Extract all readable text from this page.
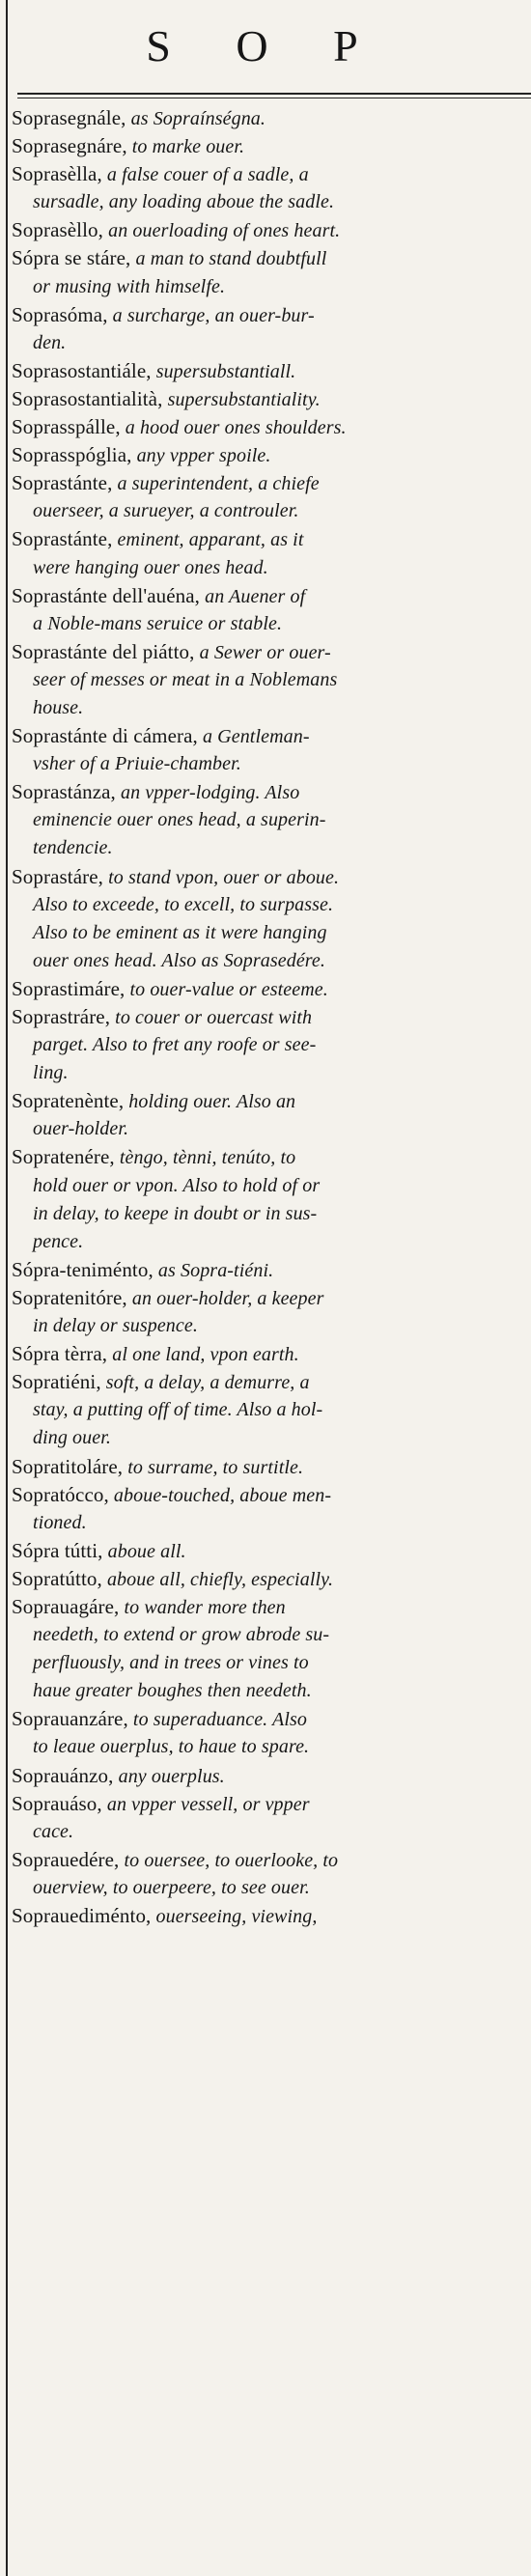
S O P
Soprasegnále, as Sopraínségna.
Soprasegnáre, to marke ouer.
Soprasèlla, a false couer of a sadle, a
sursadle, any loading aboue the sadle.
Soprasèllo, an ouerloading of ones heart.
Sópra se stáre, a man to stand doubtfull
or musing with himselfe.
Soprasóma, a surcharge, an ouer-bur-
den.
Soprasostantiále, supersubstantiall.
Soprasostantialità, supersubstantiality.
Soprasspálle, a hood ouer ones shoulders.
Soprasspóglia, any vpper spoile.
Soprastánte, a superintendent, a chiefe
ouerseer, a surueyer, a controuler.
Soprastánte, eminent, apparant, as it
were hanging ouer ones head.
Soprastánte dell'auéna, an Auener of
a Noble-mans seruice or stable.
Soprastánte del piátto, a Sewer or ouer-
seer of messes or meat in a Noblemans
house.
Soprastánte di cámera, a Gentleman-
vsher of a Priuie-chamber.
Soprastánza, an vpper-lodging. Also
eminencie ouer ones head, a superin-
tendencie.
Soprastáre, to stand vpon, ouer or aboue.
Also to exceede, to excell, to surpasse.
Also to be eminent as it were hanging
ouer ones head. Also as Soprasedére.
Soprastimáre, to ouer-value or esteeme.
Soprastráre, to couer or ouercast with
parget. Also to fret any roofe or see-
ling.
Sopratenènte, holding ouer. Also an
ouer-holder.
Sopratenére, tèngo, tènni, tenúto, to
hold ouer or vpon. Also to hold of or
in delay, to keepe in doubt or in sus-
pence.
Sópra-teniménto, as Sopra-tiéni.
Sopratenitóre, an ouer-holder, a keeper
in delay or suspence.
Sópra tèrra, al one land, vpon earth.
Sopratiéni, soft, a delay, a demurre, a
stay, a putting off of time. Also a hol-
ding ouer.
Sopratitoláre, to surrame, to surtitle.
Sopratócco, aboue-touched, aboue men-
tioned.
Sópra tútti, aboue all.
Sopratútto, aboue all, chiefly, especially.
Soprauagáre, to wander more then
needeth, to extend or grow abrode su-
perfluously, and in trees or vines to
haue greater boughes then needeth.
Soprauanzáre, to superaduance. Also
to leaue ouerplus, to haue to spare.
Soprauánzo, any ouerplus.
Soprauáso, an vpper vessell, or vpper
cace.
Soprauedére, to ouersee, to ouerlooke, to
ouerview, to ouerpeere, to see ouer.
Soprauediménto, ouerseeing, viewing,
